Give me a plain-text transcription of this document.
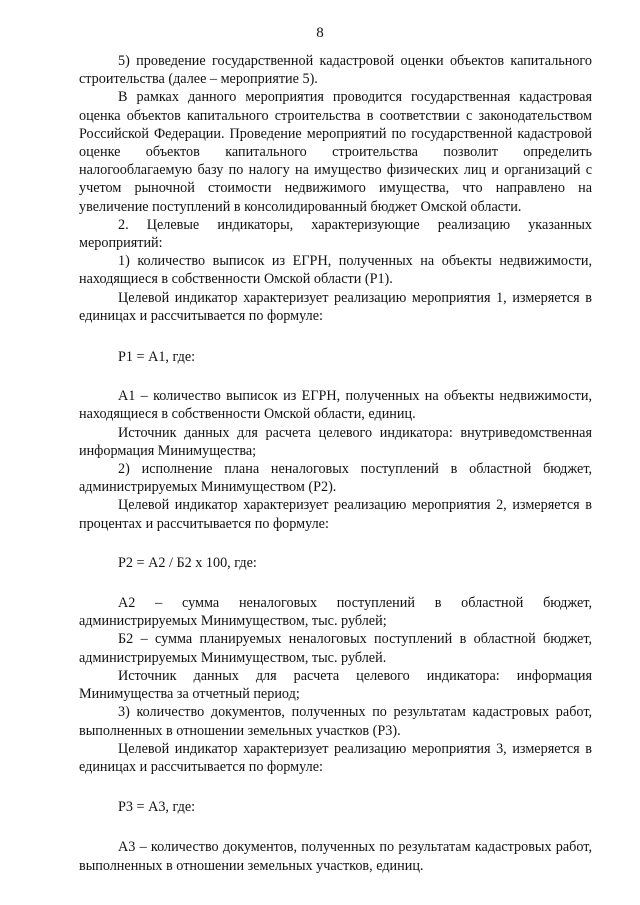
8

5) проведение государственной кадастровой оценки объектов капитального строительства (далее – мероприятие 5).

В рамках данного мероприятия проводится государственная кадастровая оценка объектов капитального строительства в соответствии с законодательством Российской Федерации. Проведение мероприятий по государственной кадастровой оценке объектов капитального строительства позволит определить налогооблагаемую базу по налогу на имущество физических лиц и организаций с учетом рыночной стоимости недвижимого имущества, что направлено на увеличение поступлений в консолидированный бюджет Омской области.

2. Целевые индикаторы, характеризующие реализацию указанных мероприятий:

1) количество выписок из ЕГРН, полученных на объекты недвижимости, находящиеся в собственности Омской области (Р1).

Целевой индикатор характеризует реализацию мероприятия 1, измеряется в единицах и рассчитывается по формуле:

Р1 = А1, где:

А1 – количество выписок из ЕГРН, полученных на объекты недвижимости, находящиеся в собственности Омской области, единиц.

Источник данных для расчета целевого индикатора: внутриведомственная информация Минимущества;

2) исполнение плана неналоговых поступлений в областной бюджет, администрируемых Минимуществом (Р2).

Целевой индикатор характеризует реализацию мероприятия 2, измеряется в процентах и рассчитывается по формуле:

Р2 = А2 / Б2 х 100, где:

А2 – сумма неналоговых поступлений в областной бюджет, администрируемых Минимуществом, тыс. рублей;

Б2 – сумма планируемых неналоговых поступлений в областной бюджет, администрируемых Минимуществом, тыс. рублей.

Источник данных для расчета целевого индикатора: информация Минимущества за отчетный период;

3) количество документов, полученных по результатам кадастровых работ, выполненных в отношении земельных участков (Р3).

Целевой индикатор характеризует реализацию мероприятия 3, измеряется в единицах и рассчитывается по формуле:

Р3 = А3, где:

А3 – количество документов, полученных по результатам кадастровых работ, выполненных в отношении земельных участков, единиц.
